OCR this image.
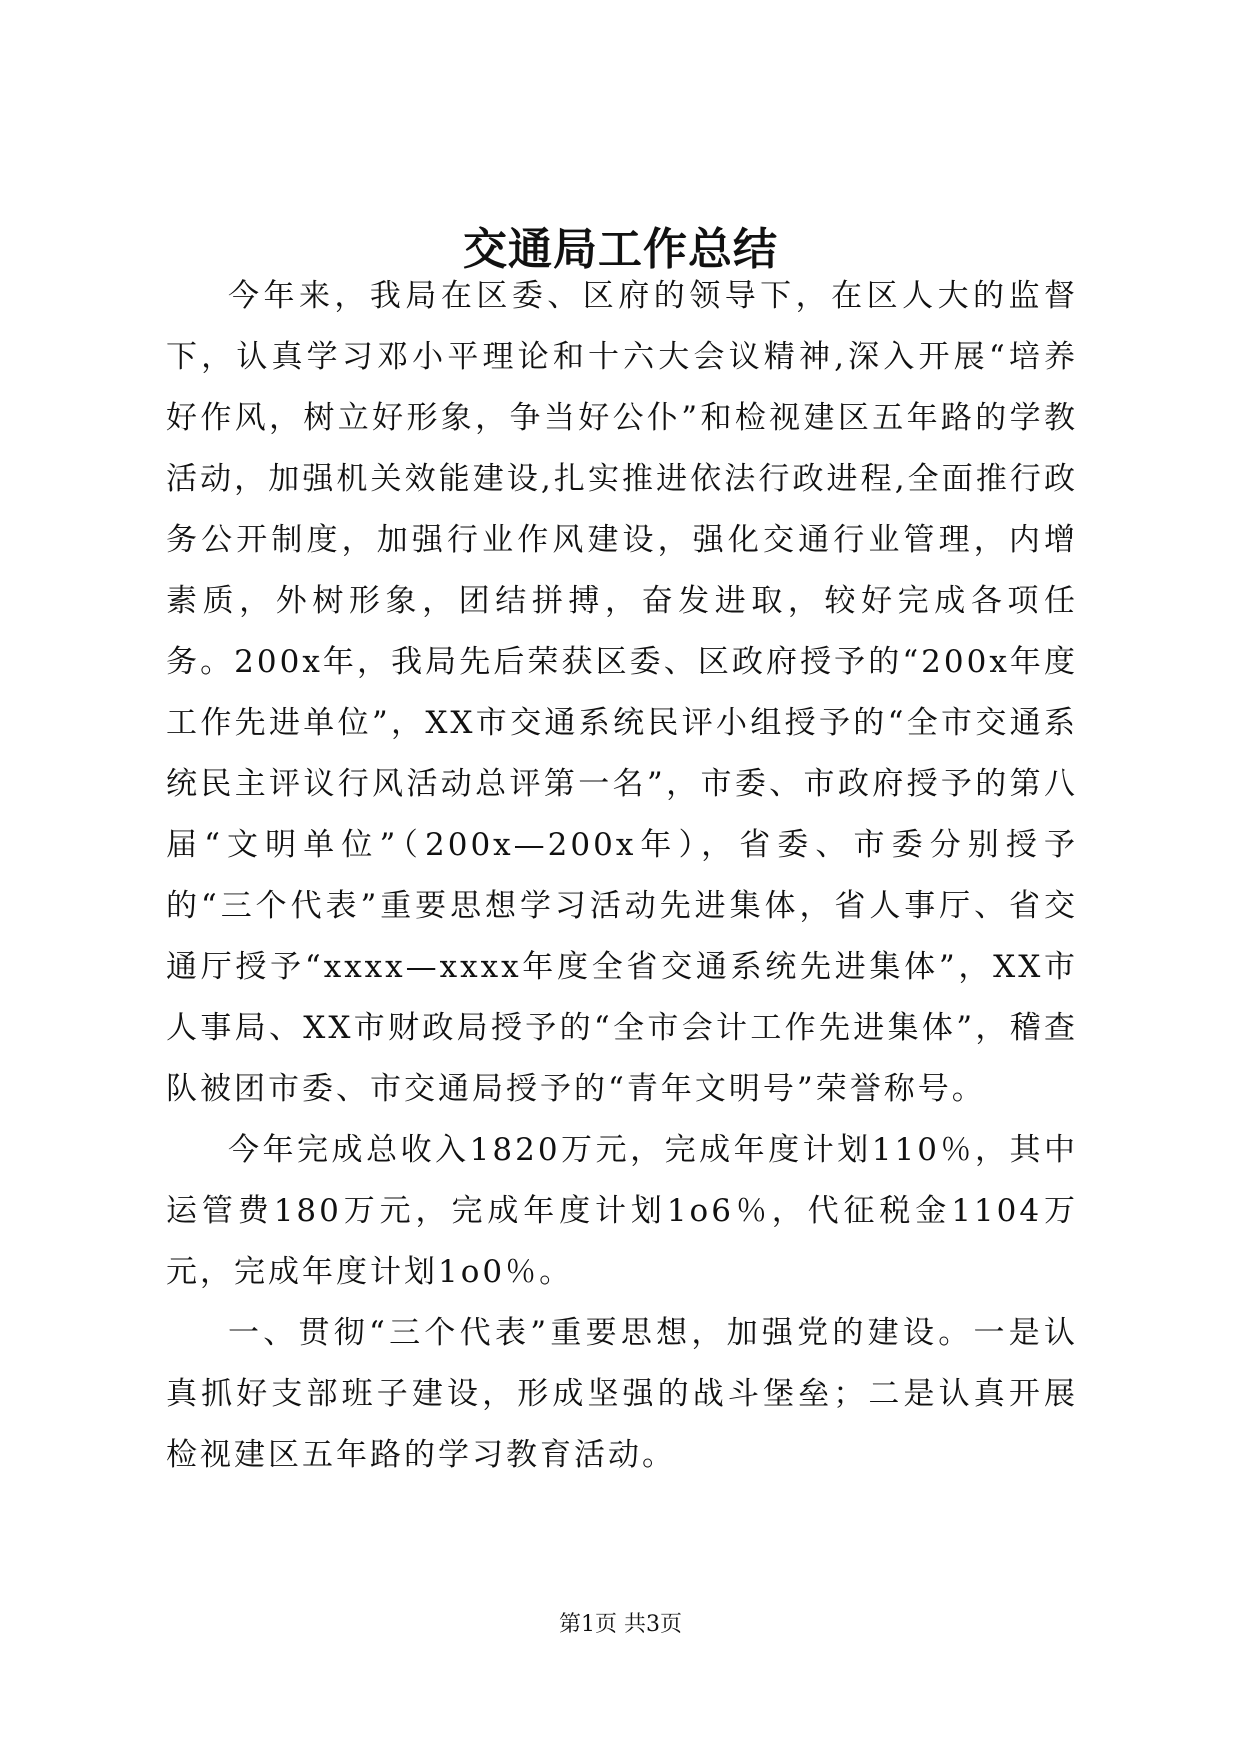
交通局工作总结

今年来，我局在区委、区府的领导下，在区人大的监督下，认真学习邓小平理论和十六大会议精神,深入开展“培养好作风，树立好形象，争当好公仆”和检视建区五年路的学教活动，加强机关效能建设,扎实推进依法行政进程,全面推行政务公开制度，加强行业作风建设，强化交通行业管理，内增素质，外树形象，团结拼搏，奋发进取，较好完成各项任务。200x年，我局先后荣获区委、区政府授予的“200x年度工作先进单位”，XX市交通系统民评小组授予的“全市交通系统民主评议行风活动总评第一名”，市委、市政府授予的第八届“文明单位”（200x—200x年），省委、市委分别授予的“三个代表”重要思想学习活动先进集体，省人事厅、省交通厅授予“xxxx—xxxx年度全省交通系统先进集体”，XX市人事局、XX市财政局授予的“全市会计工作先进集体”，稽查队被团市委、市交通局授予的“青年文明号”荣誉称号。

今年完成总收入1820万元，完成年度计划110％，其中运管费180万元，完成年度计划1o6％，代征税金1104万元，完成年度计划1o0％。

一、贯彻“三个代表”重要思想，加强党的建设。一是认真抓好支部班子建设，形成坚强的战斗堡垒；二是认真开展检视建区五年路的学习教育活动。

第1页 共3页
